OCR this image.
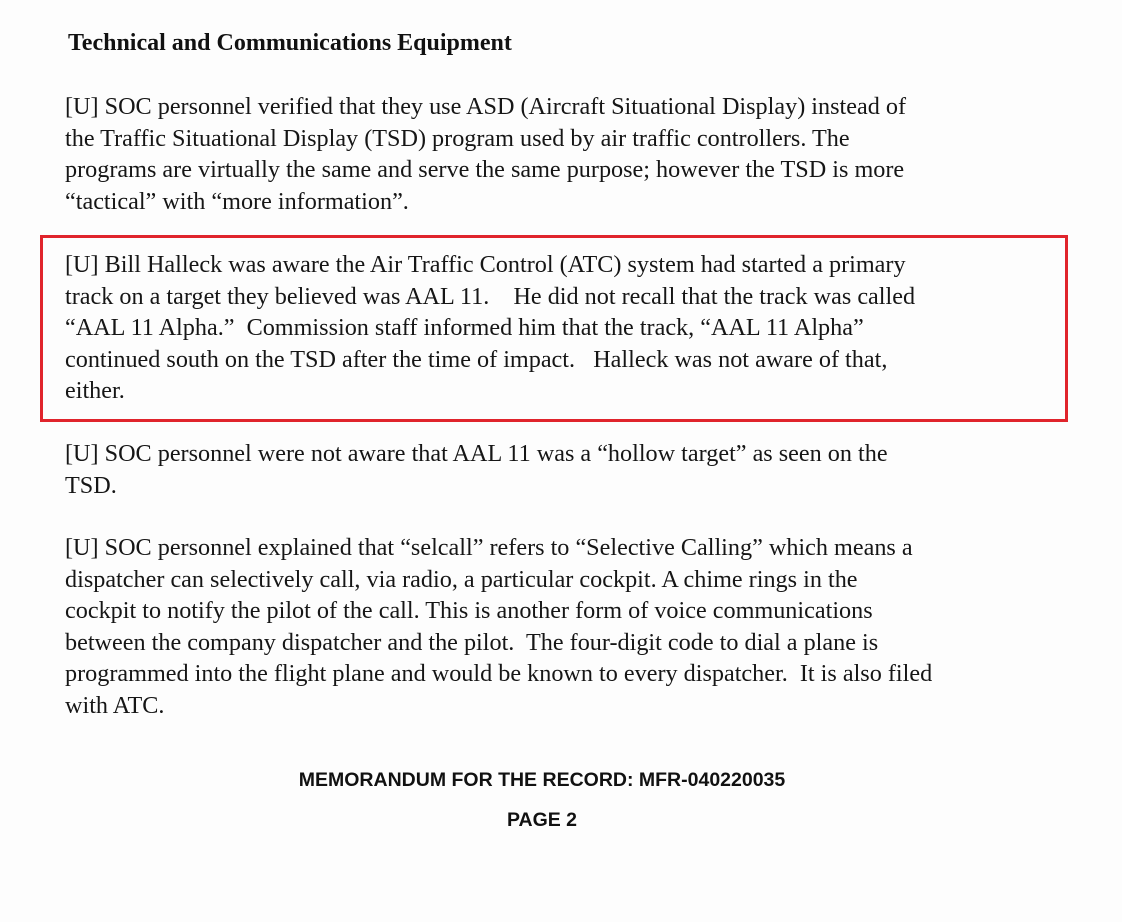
Technical and Communications Equipment

[U] SOC personnel verified that they use ASD (Aircraft Situational Display) instead of
the Traffic Situational Display (TSD) program used by air traffic controllers. The
programs are virtually the same and serve the same purpose; however the TSD is more
“tactical” with “more information”.

[U] Bill Halleck was aware the Air Traffic Control (ATC) system had started a primary
track on a target they believed was AAL 11.    He did not recall that the track was called
“AAL 11 Alpha.”  Commission staff informed him that the track, “AAL 11 Alpha”
continued south on the TSD after the time of impact.   Halleck was not aware of that,
either.

[U] SOC personnel were not aware that AAL 11 was a “hollow target” as seen on the
TSD.

[U] SOC personnel explained that “selcall” refers to “Selective Calling” which means a
dispatcher can selectively call, via radio, a particular cockpit. A chime rings in the
cockpit to notify the pilot of the call. This is another form of voice communications
between the company dispatcher and the pilot.  The four-digit code to dial a plane is
programmed into the flight plane and would be known to every dispatcher.  It is also filed
with ATC.

MEMORANDUM FOR THE RECORD: MFR-040220035
PAGE 2
